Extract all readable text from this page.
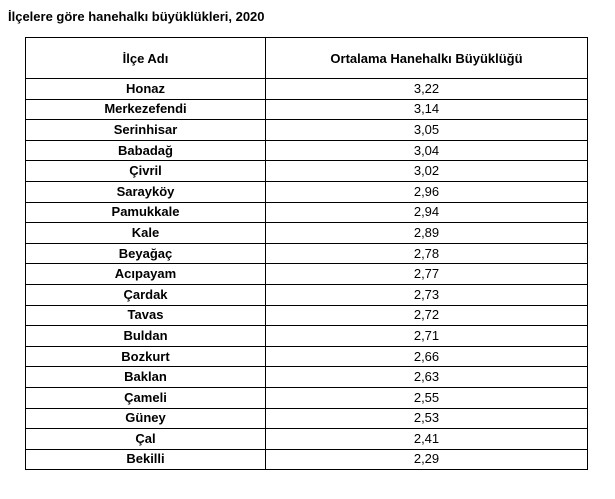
İlçelere göre hanehalkı büyüklükleri, 2020
İlçe Adı	Ortalama Hanehalkı Büyüklüğü
Honaz	3,22
Merkezefendi	3,14
Serinhisar	3,05
Babadağ	3,04
Çivril	3,02
Sarayköy	2,96
Pamukkale	2,94
Kale	2,89
Beyağaç	2,78
Acıpayam	2,77
Çardak	2,73
Tavas	2,72
Buldan	2,71
Bozkurt	2,66
Baklan	2,63
Çameli	2,55
Güney	2,53
Çal	2,41
Bekilli	2,29
